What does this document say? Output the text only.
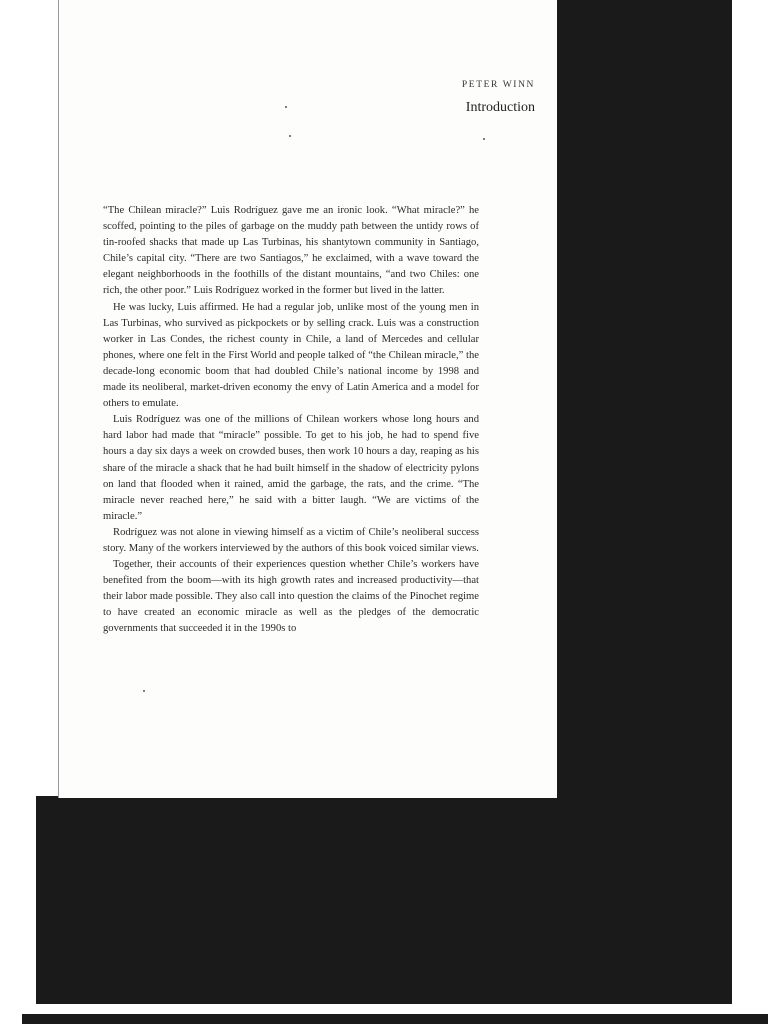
PETER WINN
Introduction

“The Chilean miracle?” Luis Rodríguez gave me an ironic look. “What miracle?” he scoffed, pointing to the piles of garbage on the muddy path between the untidy rows of tin-roofed shacks that made up Las Turbinas, his shantytown community in Santiago, Chile’s capital city. “There are two Santiagos,” he exclaimed, with a wave toward the elegant neighborhoods in the foothills of the distant mountains, “and two Chiles: one rich, the other poor.” Luis Rodríguez worked in the former but lived in the latter.

He was lucky, Luis affirmed. He had a regular job, unlike most of the young men in Las Turbinas, who survived as pickpockets or by selling crack. Luis was a construction worker in Las Condes, the richest county in Chile, a land of Mercedes and cellular phones, where one felt in the First World and people talked of “the Chilean miracle,” the decade-long economic boom that had doubled Chile’s national income by 1998 and made its neoliberal, market-driven economy the envy of Latin America and a model for others to emulate.

Luis Rodríguez was one of the millions of Chilean workers whose long hours and hard labor had made that “miracle” possible. To get to his job, he had to spend five hours a day six days a week on crowded buses, then work 10 hours a day, reaping as his share of the miracle a shack that he had built himself in the shadow of electricity pylons on land that flooded when it rained, amid the garbage, the rats, and the crime. “The miracle never reached here,” he said with a bitter laugh. “We are victims of the miracle.”

Rodríguez was not alone in viewing himself as a victim of Chile’s neoliberal success story. Many of the workers interviewed by the authors of this book voiced similar views.

Together, their accounts of their experiences question whether Chile’s workers have benefited from the boom—with its high growth rates and increased productivity—that their labor made possible. They also call into question the claims of the Pinochet regime to have created an economic miracle as well as the pledges of the democratic governments that succeeded it in the 1990s to
